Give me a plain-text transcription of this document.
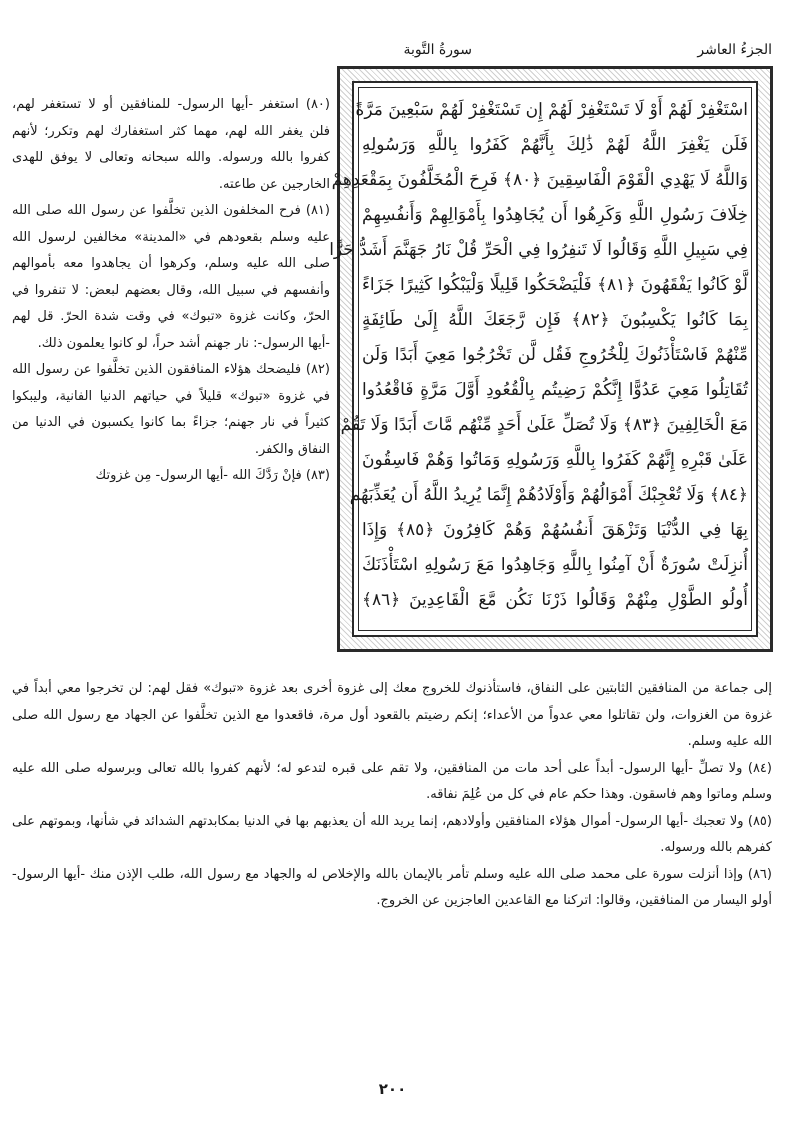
الجزءُ العاشر
سورةُ التَّوبة
اسْتَغْفِرْ لَهُمْ أَوْ لَا تَسْتَغْفِرْ لَهُمْ إِن تَسْتَغْفِرْ لَهُمْ سَبْعِينَ مَرَّةً
فَلَن يَغْفِرَ اللَّهُ لَهُمْ ذَٰلِكَ بِأَنَّهُمْ كَفَرُوا بِاللَّهِ وَرَسُولِهِ
وَاللَّهُ لَا يَهْدِي الْقَوْمَ الْفَاسِقِينَ ﴿٨٠﴾ فَرِحَ الْمُخَلَّفُونَ بِمَقْعَدِهِمْ
خِلَافَ رَسُولِ اللَّهِ وَكَرِهُوا أَن يُجَاهِدُوا بِأَمْوَالِهِمْ وَأَنفُسِهِمْ
فِي سَبِيلِ اللَّهِ وَقَالُوا لَا تَنفِرُوا فِي الْحَرِّ قُلْ نَارُ جَهَنَّمَ أَشَدُّ حَرًّا
لَّوْ كَانُوا يَفْقَهُونَ ﴿٨١﴾ فَلْيَضْحَكُوا قَلِيلًا وَلْيَبْكُوا كَثِيرًا جَزَاءً
بِمَا كَانُوا يَكْسِبُونَ ﴿٨٢﴾ فَإِن رَّجَعَكَ اللَّهُ إِلَىٰ طَائِفَةٍ
مِّنْهُمْ فَاسْتَأْذَنُوكَ لِلْخُرُوجِ فَقُل لَّن تَخْرُجُوا مَعِيَ أَبَدًا وَلَن
تُقَاتِلُوا مَعِيَ عَدُوًّا إِنَّكُمْ رَضِيتُم بِالْقُعُودِ أَوَّلَ مَرَّةٍ فَاقْعُدُوا
مَعَ الْخَالِفِينَ ﴿٨٣﴾ وَلَا تُصَلِّ عَلَىٰ أَحَدٍ مِّنْهُم مَّاتَ أَبَدًا وَلَا تَقُمْ
عَلَىٰ قَبْرِهِ إِنَّهُمْ كَفَرُوا بِاللَّهِ وَرَسُولِهِ وَمَاتُوا وَهُمْ فَاسِقُونَ
﴿٨٤﴾ وَلَا تُعْجِبْكَ أَمْوَالُهُمْ وَأَوْلَادُهُمْ إِنَّمَا يُرِيدُ اللَّهُ أَن يُعَذِّبَهُم
بِهَا فِي الدُّنْيَا وَتَزْهَقَ أَنفُسُهُمْ وَهُمْ كَافِرُونَ ﴿٨٥﴾ وَإِذَا
أُنزِلَتْ سُورَةٌ أَنْ آمِنُوا بِاللَّهِ وَجَاهِدُوا مَعَ رَسُولِهِ اسْتَأْذَنَكَ
أُولُو الطَّوْلِ مِنْهُمْ وَقَالُوا ذَرْنَا نَكُن مَّعَ الْقَاعِدِينَ ﴿٨٦﴾

(٨٠) استغفر -أيها الرسول- للمنافقين أو لا تستغفر لهم، فلن يغفر الله لهم، مهما كثر استغفارك لهم وتكرر؛ لأنهم كفروا بالله ورسوله. والله سبحانه وتعالى لا يوفق للهدى الخارجين عن طاعته.

(٨١) فرح المخلفون الذين تخلَّفوا عن رسول الله صلى الله عليه وسلم بقعودهم في «المدينة» مخالفين لرسول الله صلى الله عليه وسلم، وكرهوا أن يجاهدوا معه بأموالهم وأنفسهم في سبيل الله، وقال بعضهم لبعض: لا تنفروا في الحرّ، وكانت غزوة «تبوك» في وقت شدة الحرّ. قل لهم -أيها الرسول-: نار جهنم أشد حراً، لو كانوا يعلمون ذلك.

(٨٢) فليضحك هؤلاء المنافقون الذين تخلَّفوا عن رسول الله في غزوة «تبوك» قليلاً في حياتهم الدنيا الفانية، وليبكوا كثيراً في نار جهنم؛ جزاءً بما كانوا يكسبون في الدنيا من النفاق والكفر.

(٨٣) فإنْ رَدَّكَ الله -أيها الرسول- مِن غزوتك

إلى جماعة من المنافقين الثابتين على النفاق، فاستأذنوك للخروج معك إلى غزوة أخرى بعد غزوة «تبوك» فقل لهم: لن تخرجوا معي أبداً في غزوة من الغزوات، ولن تقاتلوا معي عدواً من الأعداء؛ إنكم رضيتم بالقعود أول مرة، فاقعدوا مع الذين تخلَّفوا عن الجهاد مع رسول الله صلى الله عليه وسلم.

(٨٤) ولا تصلِّ -أيها الرسول- أبداً على أحد مات من المنافقين، ولا تقم على قبره لتدعو له؛ لأنهم كفروا بالله تعالى وبرسوله صلى الله عليه وسلم وماتوا وهم فاسقون. وهذا حكم عام في كل من عُلِمَ نفاقه.

(٨٥) ولا تعجبك -أيها الرسول- أموال هؤلاء المنافقين وأولادهم، إنما يريد الله أن يعذبهم بها في الدنيا بمكابدتهم الشدائد في شأنها، وبموتهم على كفرهم بالله ورسوله.

(٨٦) وإذا أنزلت سورة على محمد صلى الله عليه وسلم تأمر بالإيمان بالله والإخلاص له والجهاد مع رسول الله، طلب الإذن منك -أيها الرسول- أولو اليسار من المنافقين، وقالوا: اتركنا مع القاعدين العاجزين عن الخروج.

٢٠٠
